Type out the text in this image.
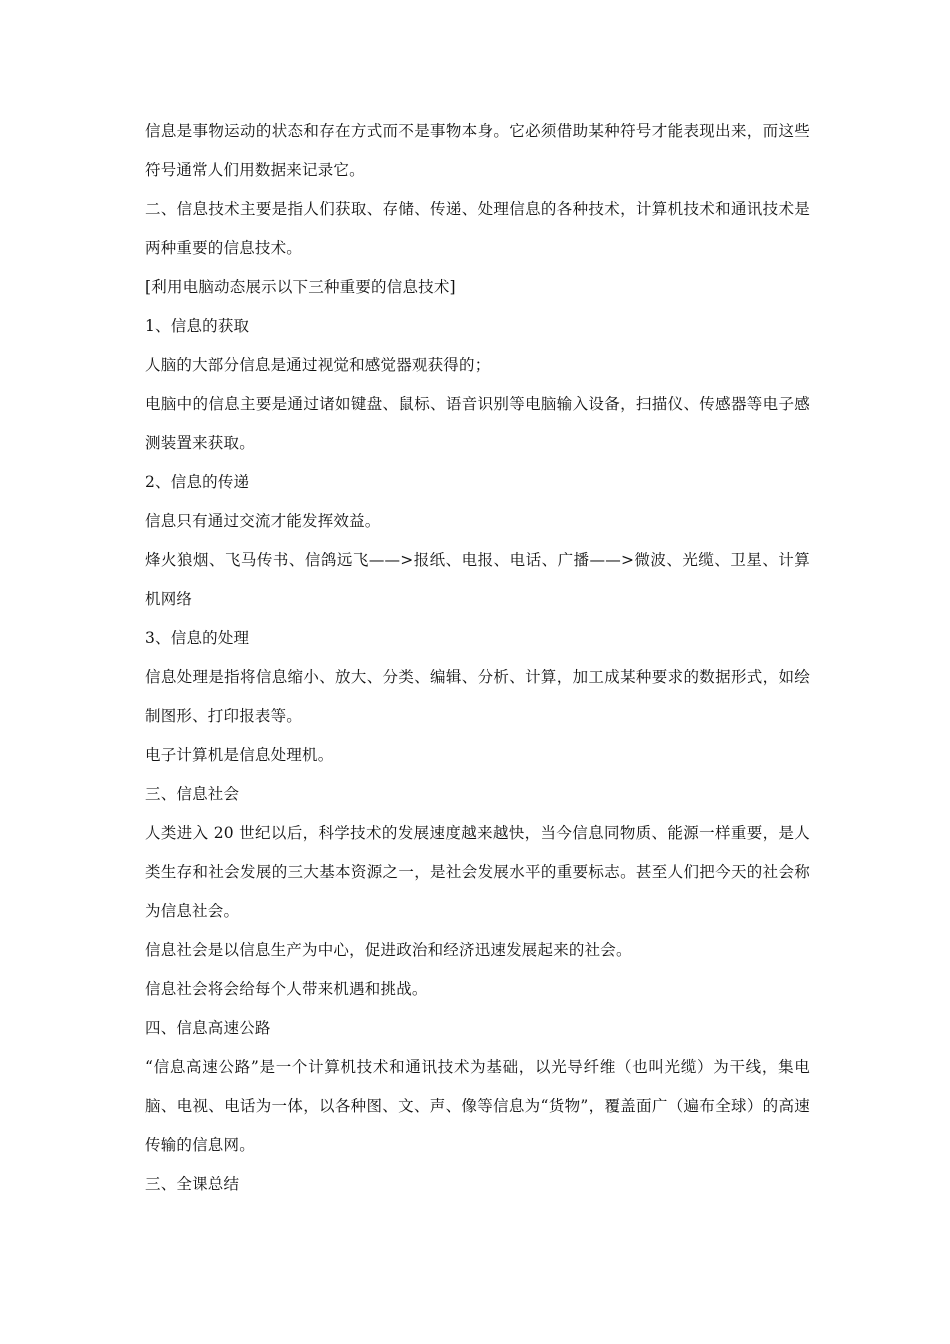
信息是事物运动的状态和存在方式而不是事物本身。它必须借助某种符号才能表现出来，而这些符号通常人们用数据来记录它。

二、信息技术主要是指人们获取、存储、传递、处理信息的各种技术，计算机技术和通讯技术是两种重要的信息技术。

[利用电脑动态展示以下三种重要的信息技术]

1、信息的获取

人脑的大部分信息是通过视觉和感觉器观获得的；

电脑中的信息主要是通过诸如键盘、鼠标、语音识别等电脑输入设备，扫描仪、传感器等电子感测装置来获取。

2、信息的传递

信息只有通过交流才能发挥效益。

烽火狼烟、飞马传书、信鸽远飞——>报纸、电报、电话、广播——>微波、光缆、卫星、计算机网络

3、信息的处理

信息处理是指将信息缩小、放大、分类、编辑、分析、计算，加工成某种要求的数据形式，如绘制图形、打印报表等。

电子计算机是信息处理机。

三、信息社会

人类进入 20 世纪以后，科学技术的发展速度越来越快，当今信息同物质、能源一样重要，是人类生存和社会发展的三大基本资源之一，是社会发展水平的重要标志。甚至人们把今天的社会称为信息社会。

信息社会是以信息生产为中心，促进政治和经济迅速发展起来的社会。

信息社会将会给每个人带来机遇和挑战。

四、信息高速公路

“信息高速公路”是一个计算机技术和通讯技术为基础，以光导纤维（也叫光缆）为干线，集电脑、电视、电话为一体，以各种图、文、声、像等信息为“货物”，覆盖面广（遍布全球）的高速传输的信息网。

三、全课总结
